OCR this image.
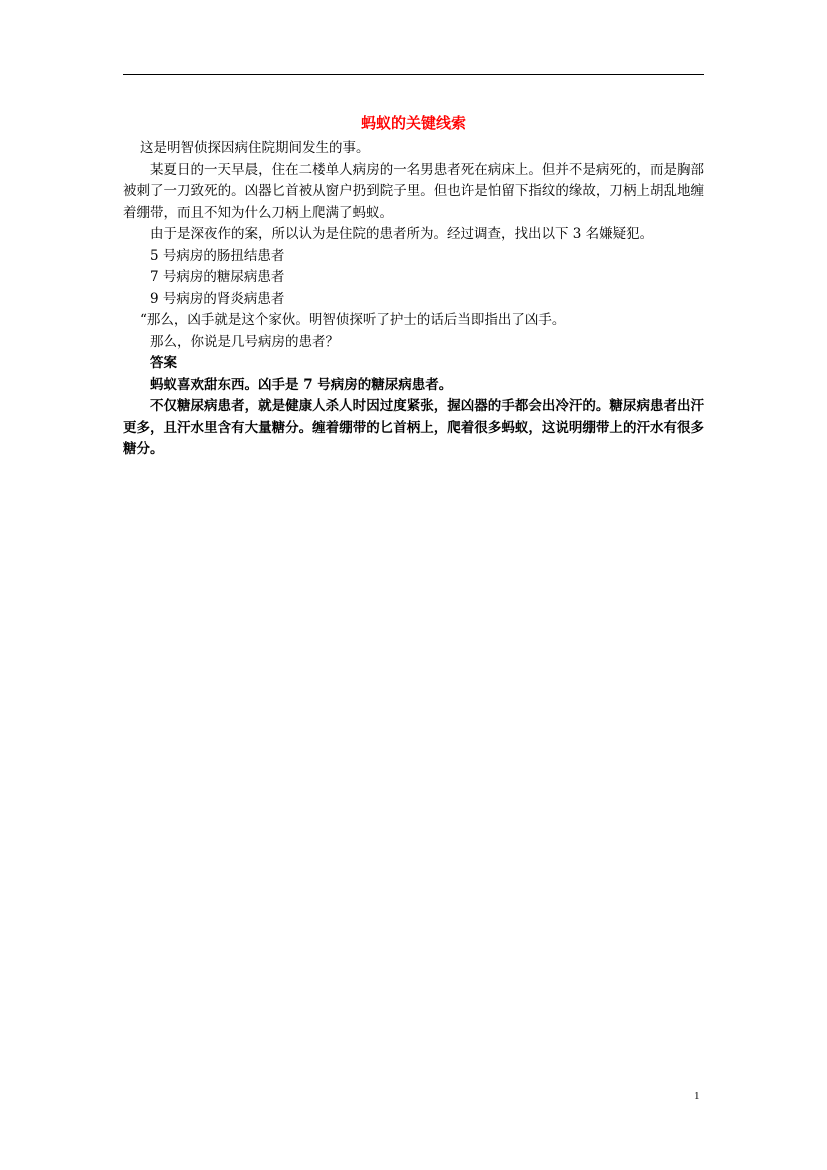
蚂蚁的关键线索

这是明智侦探因病住院期间发生的事。

某夏日的一天早晨，住在二楼单人病房的一名男患者死在病床上。但并不是病死的，而是胸部被刺了一刀致死的。凶器匕首被从窗户扔到院子里。但也许是怕留下指纹的缘故，刀柄上胡乱地缠着绷带，而且不知为什么刀柄上爬满了蚂蚁。

由于是深夜作的案，所以认为是住院的患者所为。经过调查，找出以下 3 名嫌疑犯。

5 号病房的肠扭结患者

7 号病房的糖尿病患者

9 号病房的肾炎病患者

“那么，凶手就是这个家伙。明智侦探听了护士的话后当即指出了凶手。

那么，你说是几号病房的患者？

答案

蚂蚁喜欢甜东西。凶手是 7 号病房的糖尿病患者。

不仅糖尿病患者，就是健康人杀人时因过度紧张，握凶器的手都会出冷汗的。糖尿病患者出汗更多，且汗水里含有大量糖分。缠着绷带的匕首柄上，爬着很多蚂蚁，这说明绷带上的汗水有很多糖分。

1
